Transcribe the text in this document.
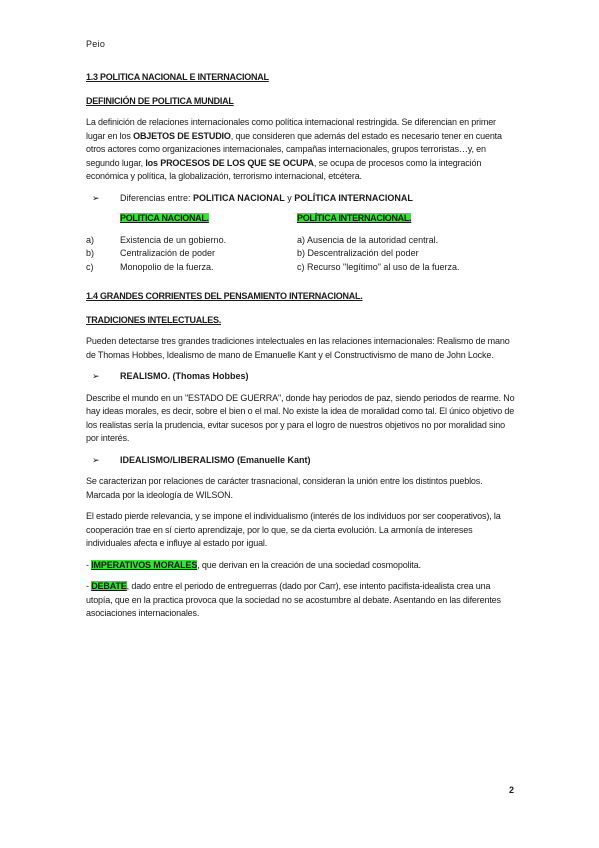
Peio
1.3 POLITICA NACIONAL E INTERNACIONAL
DEFINICIÓN DE POLITICA MUNDIAL

La definición de relaciones internacionales como política internacional restringida. Se diferencian en primer lugar en los OBJETOS DE ESTUDIO, que consideren que además del estado es necesario tener en cuenta otros actores como organizaciones internacionales, campañas internacionales, grupos terroristas…y, en segundo lugar, los PROCESOS DE LOS QUE SE OCUPA, se ocupa de procesos como la integración económica y política, la globalización, terrorismo internacional, etcétera.

➢ Diferencias entre: POLITICA NACIONAL y POLÍTICA INTERNACIONAL
POLITICA NACIONAL.	POLÍTICA INTERNACIONAL.
a)	Existencia de un gobierno.	a) Ausencia de la autoridad central.
b)	Centralización de poder	b) Descentralización del poder
c)	Monopolio de la fuerza.	c) Recurso "legítimo" al uso de la fuerza.
1.4 GRANDES CORRIENTES DEL PENSAMIENTO INTERNACIONAL.
TRADICIONES INTELECTUALES.

Pueden detectarse tres grandes tradiciones intelectuales en las relaciones internacionales: Realismo de mano de Thomas Hobbes, Idealismo de mano de Emanuelle Kant y el Constructivismo de mano de John Locke.

➢ REALISMO. (Thomas Hobbes)

Describe el mundo en un "ESTADO DE GUERRA", donde hay periodos de paz, siendo periodos de rearme. No hay ideas morales, es decir, sobre el bien o el mal. No existe la idea de moralidad como tal. El único objetivo de los realistas sería la prudencia, evitar sucesos por y para el logro de nuestros objetivos no por moralidad sino por interés.

➢ IDEALISMO/LIBERALISMO (Emanuelle Kant)

Se caracterizan por relaciones de carácter trasnacional, consideran la unión entre los distintos pueblos. Marcada por la ideología de WILSON.

El estado pierde relevancia, y se impone el individualismo (interés de los individuos por ser cooperativos), la cooperación trae en sí cierto aprendizaje, por lo que, se da cierta evolución. La armonía de intereses individuales afecta e influye al estado por igual.

- IMPERATIVOS MORALES, que derivan en la creación de una sociedad cosmopolita.

- DEBATE, dado entre el periodo de entreguerras (dado por Carr), ese intento pacifista-idealista crea una utopía, que en la practica provoca que la sociedad no se acostumbre al debate. Asentando en las diferentes asociaciones internacionales.

2
